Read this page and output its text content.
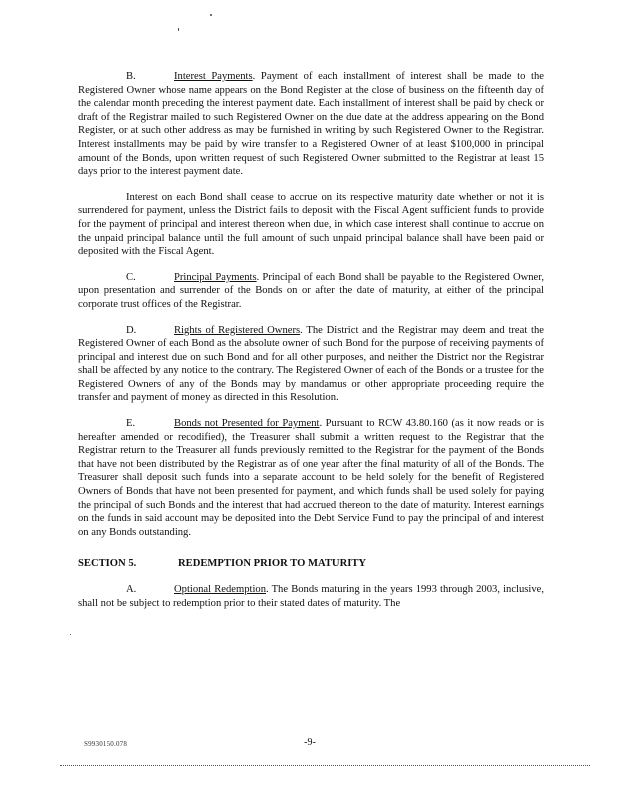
B.	Interest Payments. Payment of each installment of interest shall be made to the Registered Owner whose name appears on the Bond Register at the close of business on the fifteenth day of the calendar month preceding the interest payment date. Each installment of interest shall be paid by check or draft of the Registrar mailed to such Registered Owner on the due date at the address appearing on the Bond Register, or at such other address as may be furnished in writing by such Registered Owner to the Registrar. Interest installments may be paid by wire transfer to a Registered Owner of at least $100,000 in principal amount of the Bonds, upon written request of such Registered Owner submitted to the Registrar at least 15 days prior to the interest payment date.

Interest on each Bond shall cease to accrue on its respective maturity date whether or not it is surrendered for payment, unless the District fails to deposit with the Fiscal Agent sufficient funds to provide for the payment of principal and interest thereon when due, in which case interest shall continue to accrue on the unpaid principal balance until the full amount of such unpaid principal balance shall have been paid or deposited with the Fiscal Agent.

C.	Principal Payments. Principal of each Bond shall be payable to the Registered Owner, upon presentation and surrender of the Bonds on or after the date of maturity, at either of the principal corporate trust offices of the Registrar.

D.	Rights of Registered Owners. The District and the Registrar may deem and treat the Registered Owner of each Bond as the absolute owner of such Bond for the purpose of receiving payments of principal and interest due on such Bond and for all other purposes, and neither the District nor the Registrar shall be affected by any notice to the contrary. The Registered Owner of each of the Bonds or a trustee for the Registered Owners of any of the Bonds may by mandamus or other appropriate proceeding require the transfer and payment of money as directed in this Resolution.

E.	Bonds not Presented for Payment. Pursuant to RCW 43.80.160 (as it now reads or is hereafter amended or recodified), the Treasurer shall submit a written request to the Registrar that the Registrar return to the Treasurer all funds previously remitted to the Registrar for the payment of the Bonds that have not been distributed by the Registrar as of one year after the final maturity of all of the Bonds. The Treasurer shall deposit such funds into a separate account to be held solely for the benefit of Registered Owners of Bonds that have not been presented for payment, and which funds shall be used solely for paying the principal of such Bonds and the interest that had accrued thereon to the date of maturity. Interest earnings on the funds in said account may be deposited into the Debt Service Fund to pay the principal of and interest on any Bonds outstanding.

SECTION 5.	REDEMPTION PRIOR TO MATURITY

A.	Optional Redemption. The Bonds maturing in the years 1993 through 2003, inclusive, shall not be subject to redemption prior to their stated dates of maturity. The

S9930150.078	-9-
